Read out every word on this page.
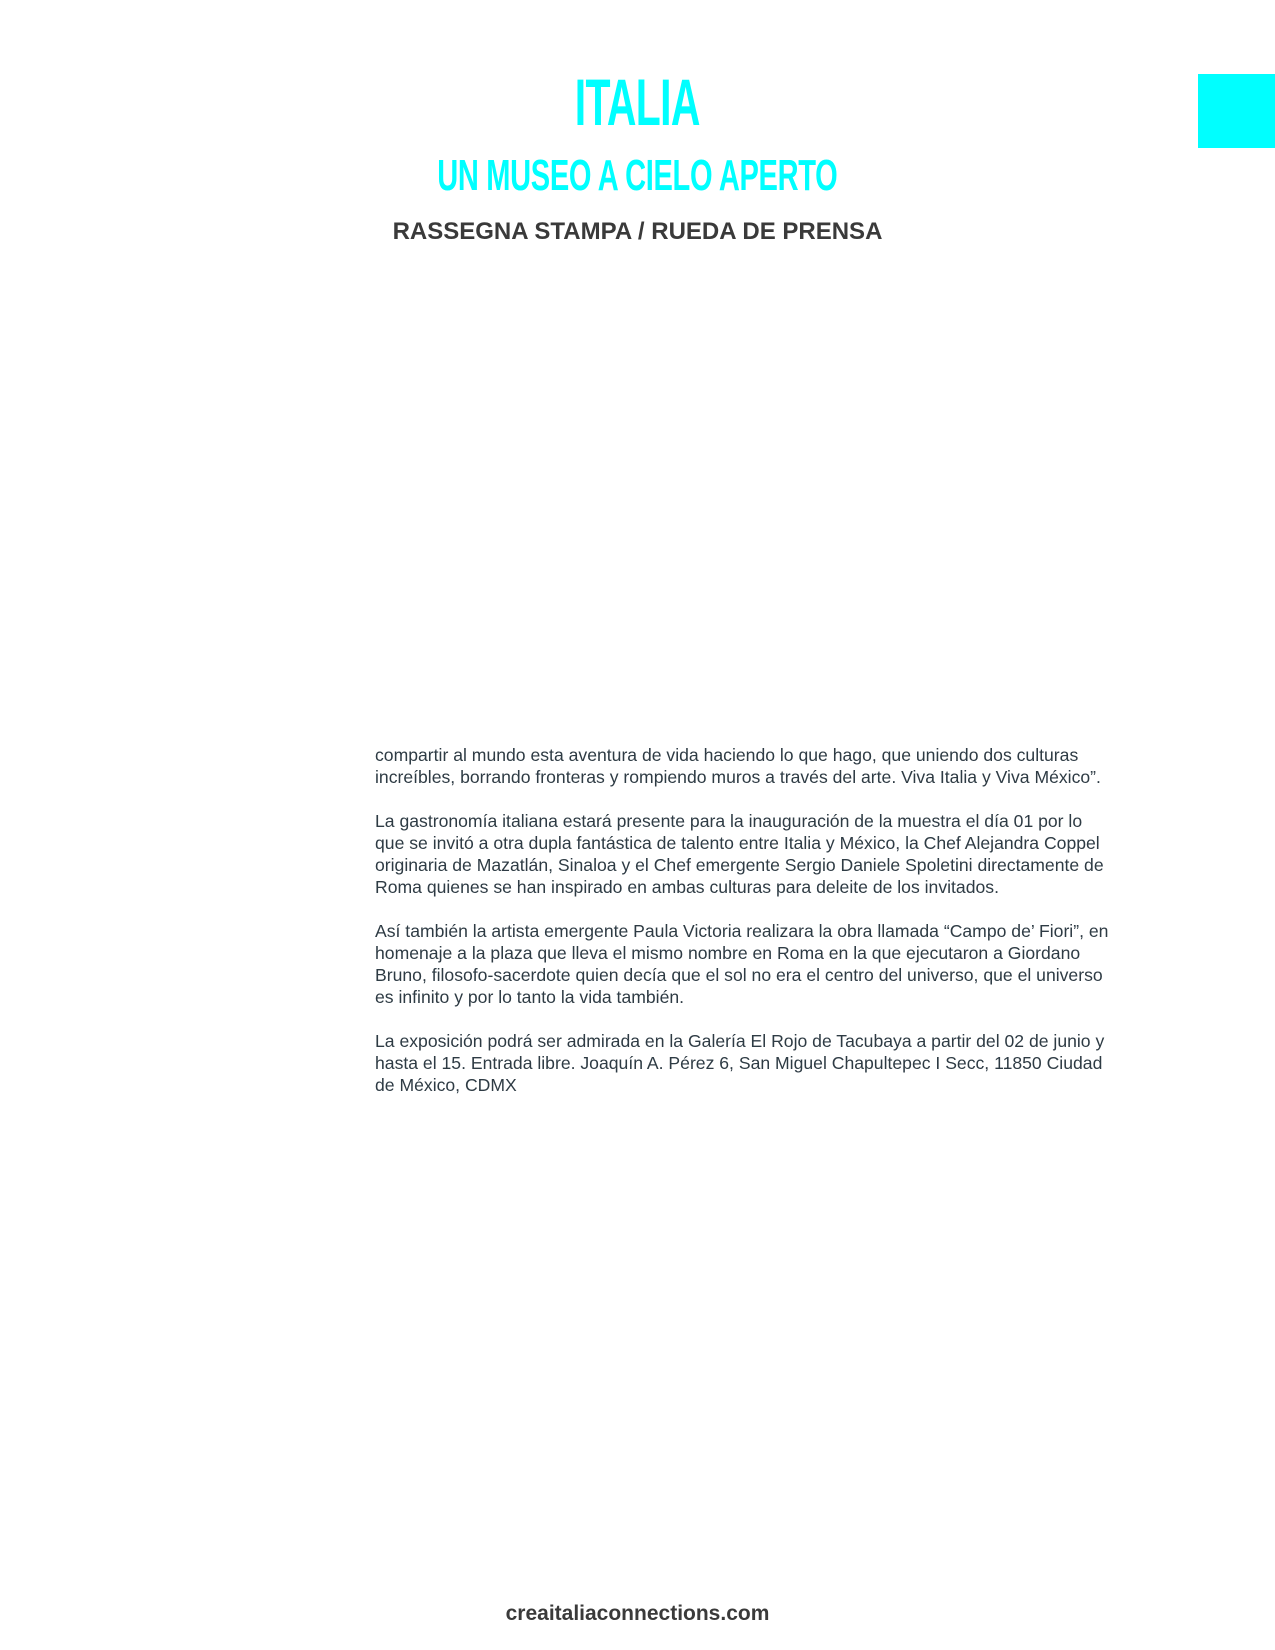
ITALIA
UN MUSEO A CIELO APERTO
RASSEGNA STAMPA / RUEDA DE PRENSA

compartir al mundo esta aventura de vida haciendo lo que hago, que uniendo dos culturas
increíbles, borrando fronteras y rompiendo muros a través del arte. Viva Italia y Viva México”.

La gastronomía italiana estará presente para la inauguración de la muestra el día 01 por lo
que se invitó a otra dupla fantástica de talento entre Italia y México, la Chef Alejandra Coppel
originaria de Mazatlán, Sinaloa y el Chef emergente Sergio Daniele Spoletini directamente de
Roma quienes se han inspirado en ambas culturas para deleite de los invitados.

Así también la artista emergente Paula Victoria realizara la obra llamada “Campo de’ Fiori”, en
homenaje a la plaza que lleva el mismo nombre en Roma en la que ejecutaron a Giordano
Bruno, filosofo-sacerdote quien decía que el sol no era el centro del universo, que el universo
es infinito y por lo tanto la vida también.

La exposición podrá ser admirada en la Galería El Rojo de Tacubaya a partir del 02 de junio y
hasta el 15. Entrada libre. Joaquín A. Pérez 6, San Miguel Chapultepec I Secc, 11850 Ciudad
de México, CDMX

creaitaliaconnections.com
